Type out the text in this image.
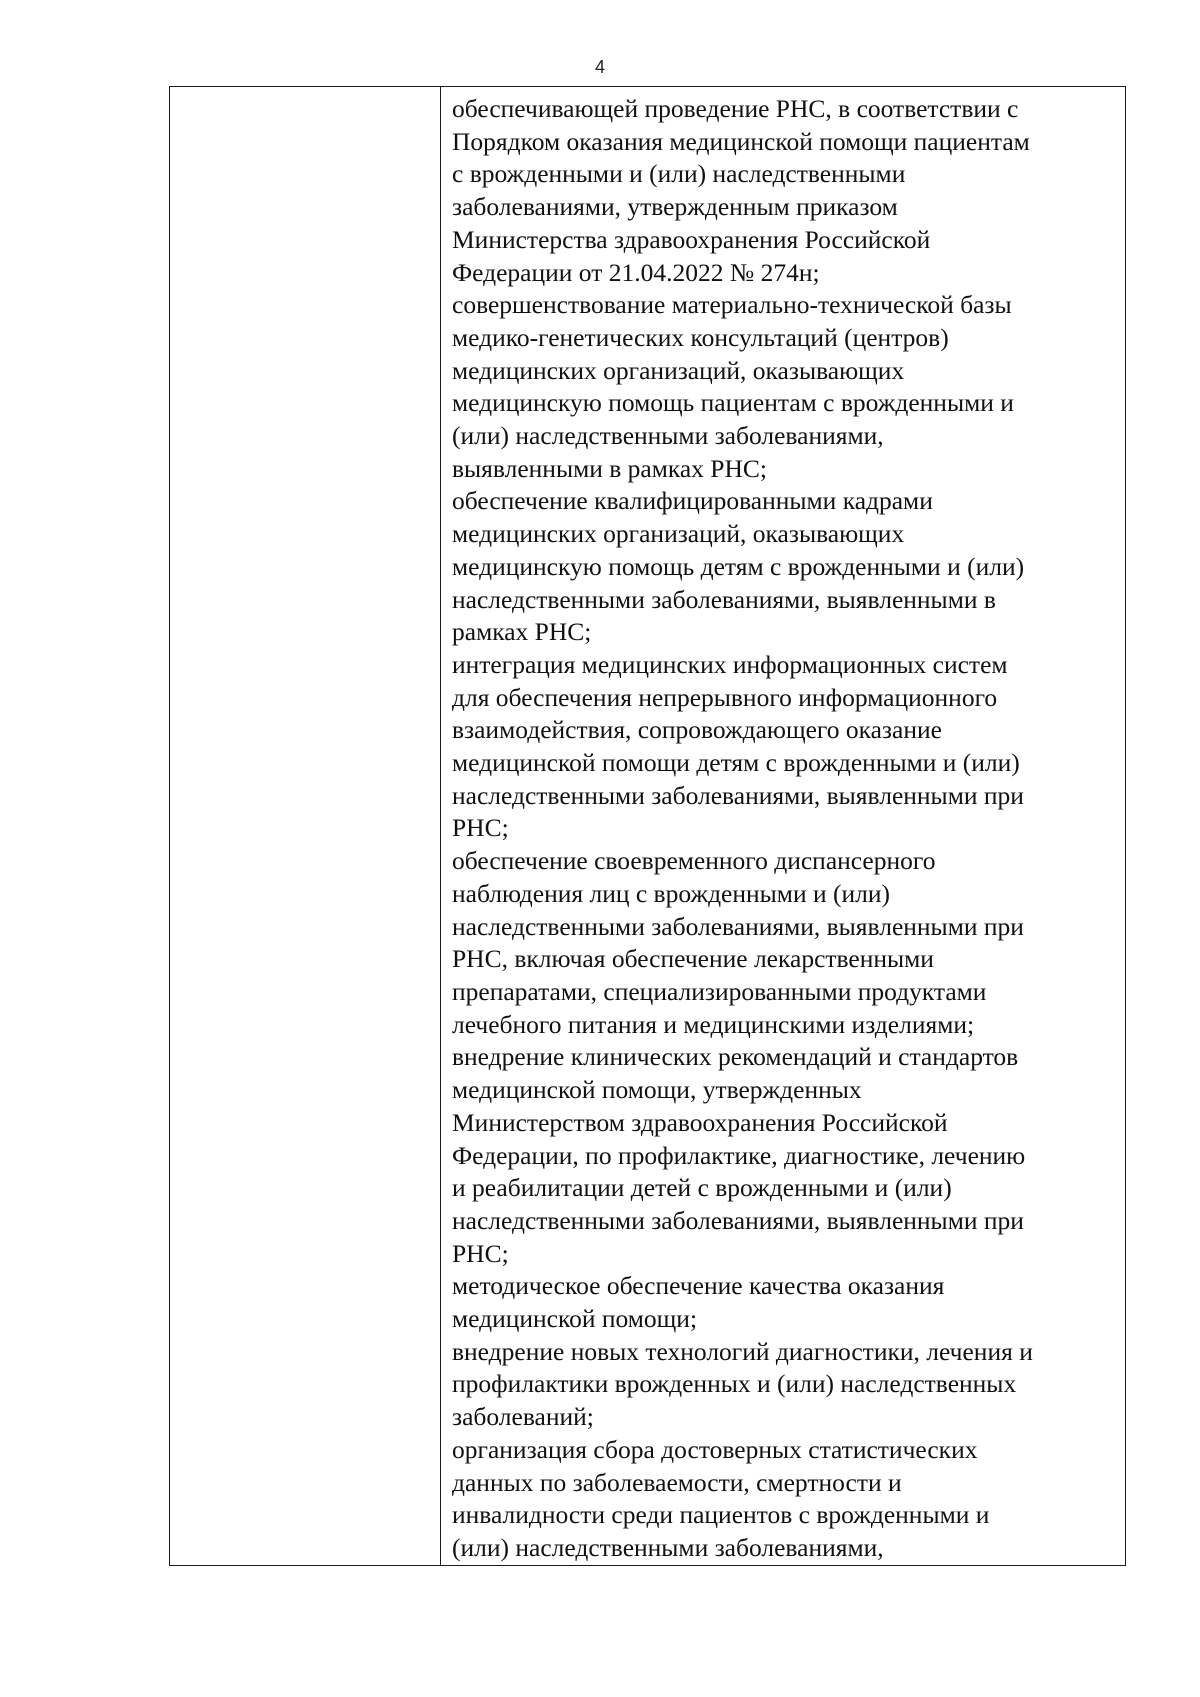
4

обеспечивающей проведение РНС, в соответствии с
Порядком оказания медицинской помощи пациентам
с врожденными и (или) наследственными
заболеваниями, утвержденным приказом
Министерства здравоохранения Российской
Федерации от 21.04.2022 № 274н;
совершенствование материально-технической базы
медико-генетических консультаций (центров)
медицинских организаций, оказывающих
медицинскую помощь пациентам с врожденными и
(или) наследственными заболеваниями,
выявленными в рамках РНС;
обеспечение квалифицированными кадрами
медицинских организаций, оказывающих
медицинскую помощь детям с врожденными и (или)
наследственными заболеваниями, выявленными в
рамках РНС;
интеграция медицинских информационных систем
для обеспечения непрерывного информационного
взаимодействия, сопровождающего оказание
медицинской помощи детям с врожденными и (или)
наследственными заболеваниями, выявленными при
РНС;
обеспечение своевременного диспансерного
наблюдения лиц с врожденными и (или)
наследственными заболеваниями, выявленными при
РНС, включая обеспечение лекарственными
препаратами, специализированными продуктами
лечебного питания и медицинскими изделиями;
внедрение клинических рекомендаций и стандартов
медицинской помощи, утвержденных
Министерством здравоохранения Российской
Федерации, по профилактике, диагностике, лечению
и реабилитации детей с врожденными и (или)
наследственными заболеваниями, выявленными при
РНС;
методическое обеспечение качества оказания
медицинской помощи;
внедрение новых технологий диагностики, лечения и
профилактики врожденных и (или) наследственных
заболеваний;
организация сбора достоверных статистических
данных по заболеваемости, смертности и
инвалидности среди пациентов с врожденными и
(или) наследственными заболеваниями,
